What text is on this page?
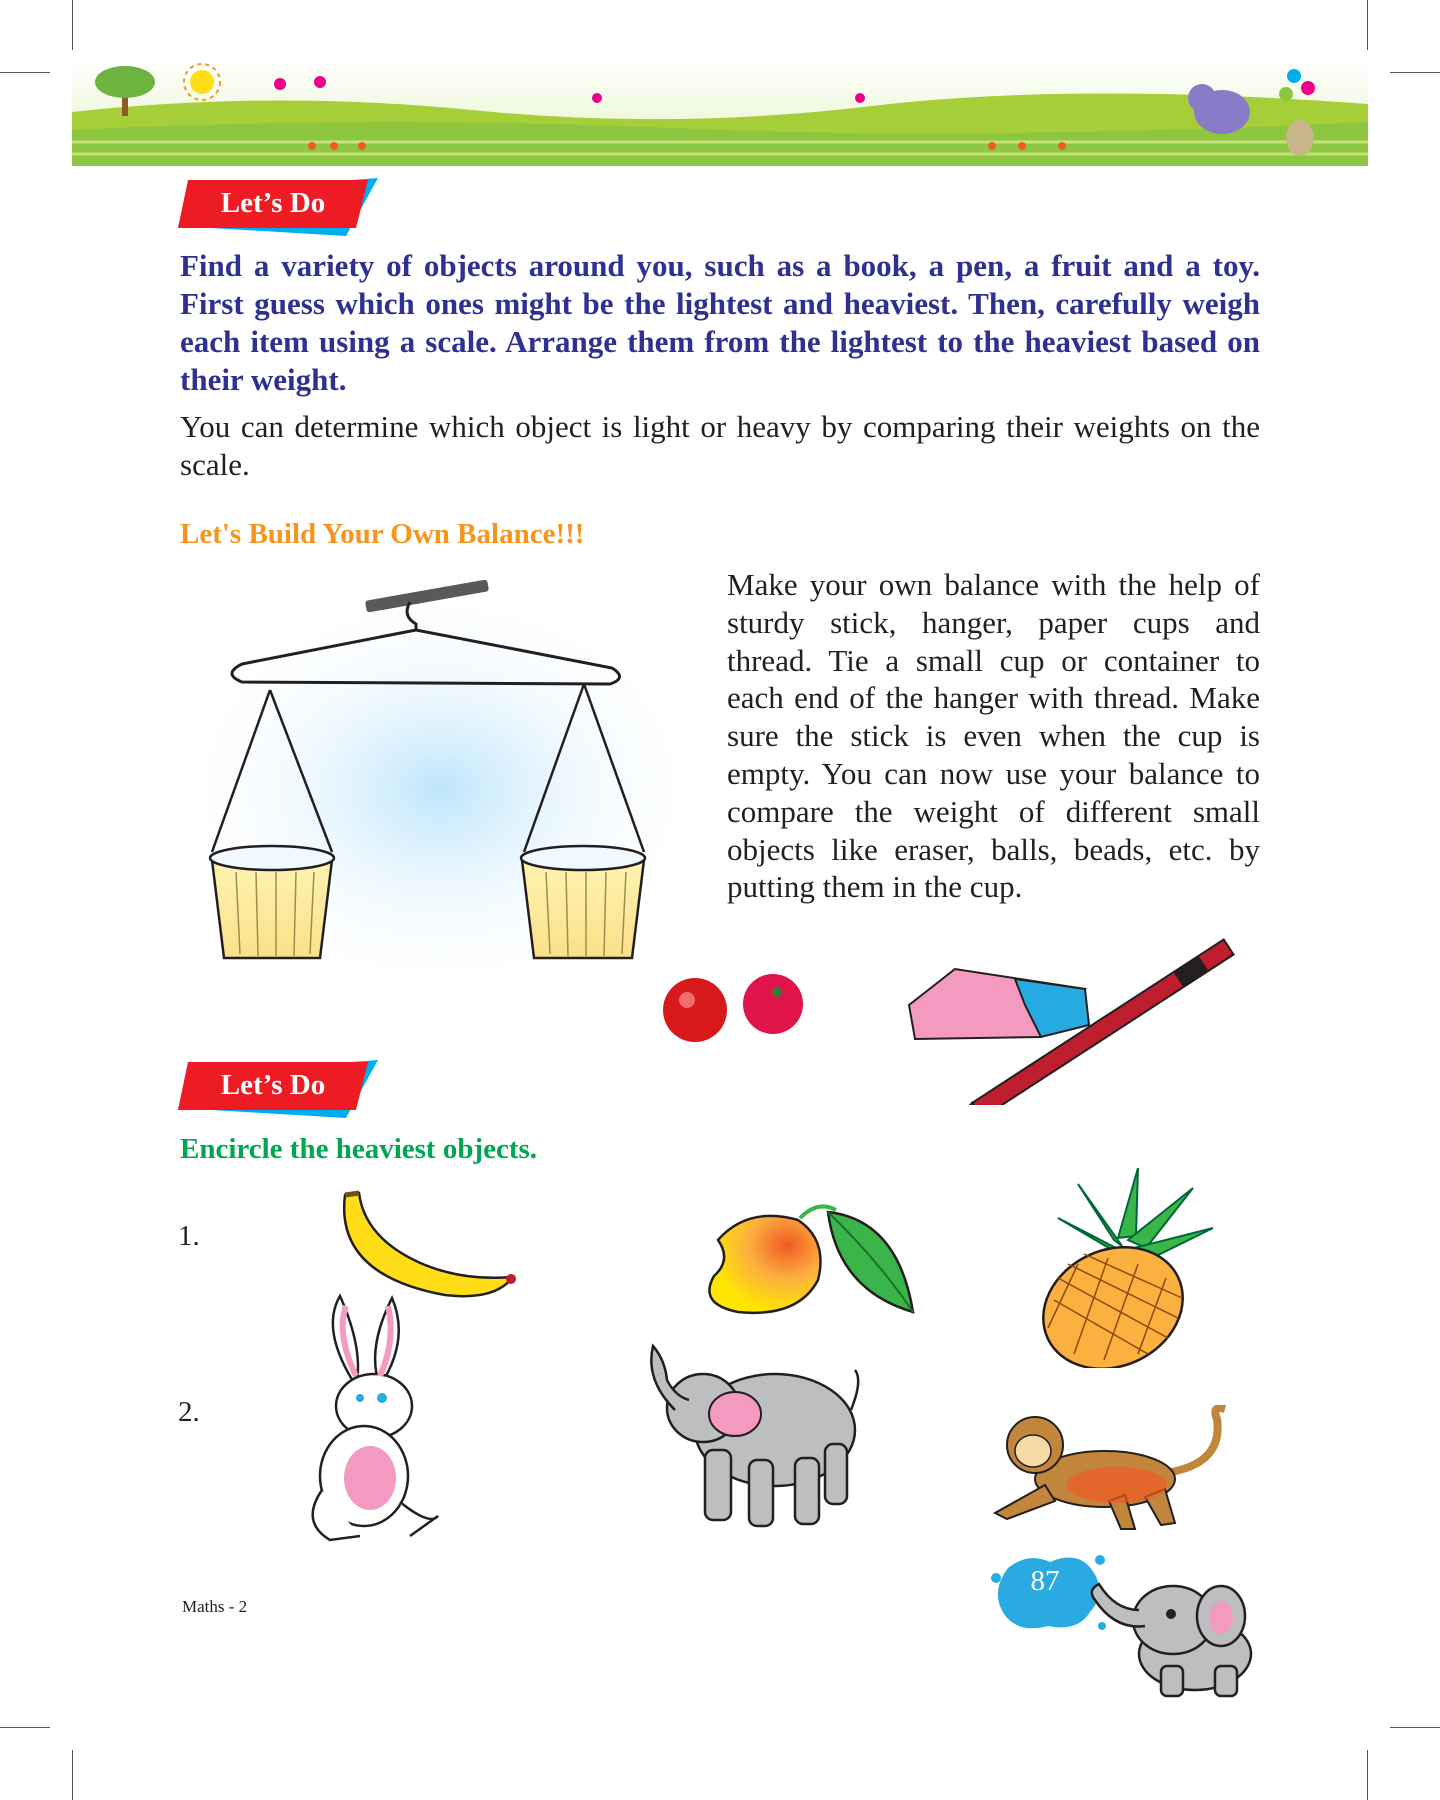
Let’s Do

Find a variety of objects around you, such as a book, a pen, a fruit and a toy. First guess which ones might be the lightest and heaviest. Then, carefully weigh each item using a scale. Arrange them from the lightest to the heaviest based on their weight.

You can determine which object is light or heavy by comparing their weights on the scale.

Let's Build Your Own Balance!!!

Make your own balance with the help of sturdy stick, hanger, paper cups and thread. Tie a small cup or container to each end of the hanger with thread. Make sure the stick is even when the cup is empty. You can now use your balance to compare the weight of different small objects like eraser, balls, beads, etc. by putting them in the cup.

Let’s Do

Encircle the heaviest objects.

1.
2.
Maths - 2
87
